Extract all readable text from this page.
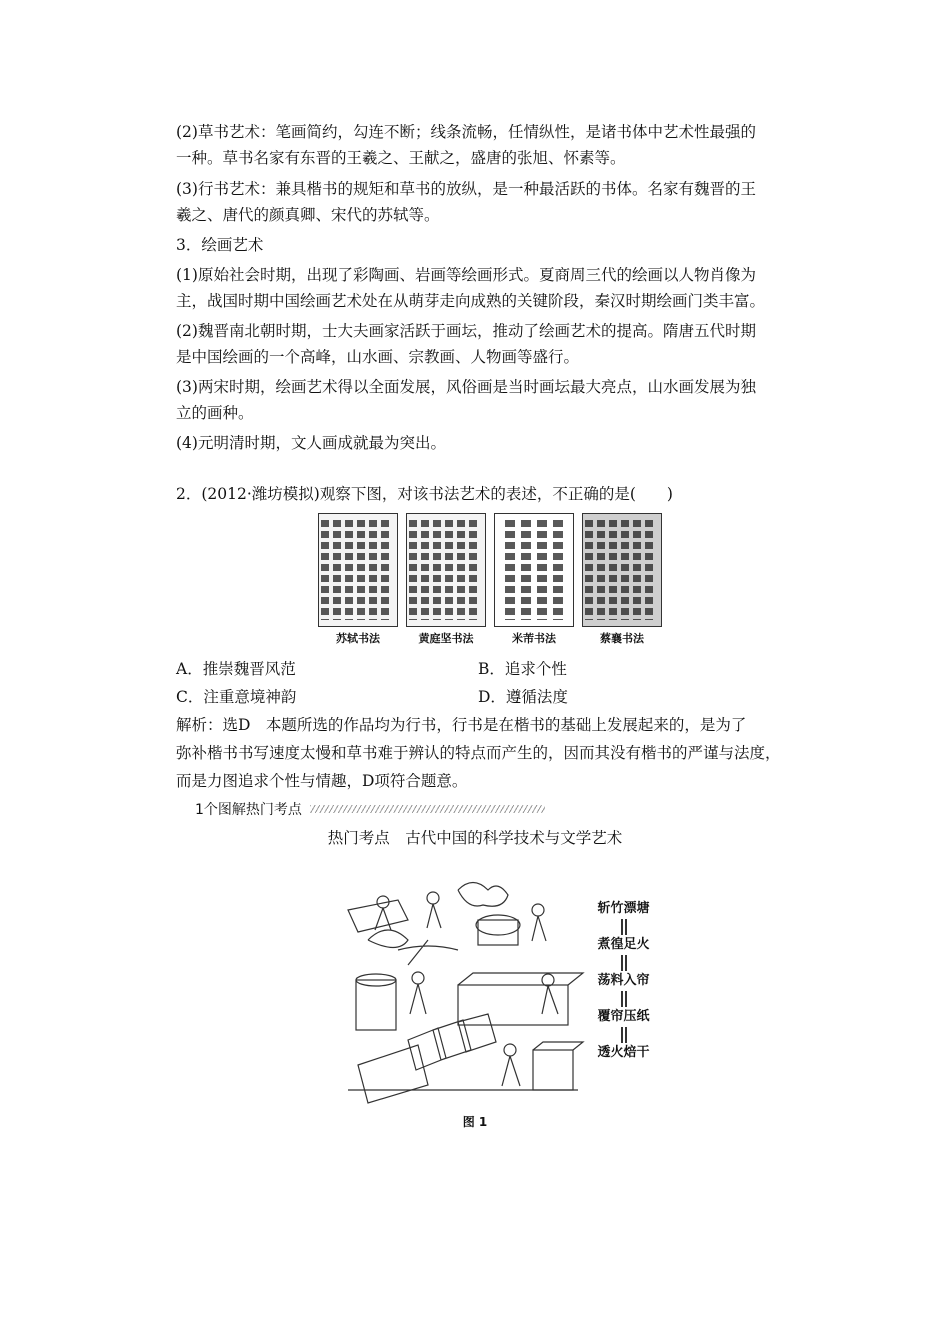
(2)草书艺术：笔画简约，勾连不断；线条流畅，任情纵性，是诸书体中艺术性最强的

一种。草书名家有东晋的王羲之、王献之，盛唐的张旭、怀素等。

(3)行书艺术：兼具楷书的规矩和草书的放纵，是一种最活跃的书体。名家有魏晋的王

羲之、唐代的颜真卿、宋代的苏轼等。

3．绘画艺术

(1)原始社会时期，出现了彩陶画、岩画等绘画形式。夏商周三代的绘画以人物肖像为

主，战国时期中国绘画艺术处在从萌芽走向成熟的关键阶段，秦汉时期绘画门类丰富。

(2)魏晋南北朝时期，士大夫画家活跃于画坛，推动了绘画艺术的提高。隋唐五代时期

是中国绘画的一个高峰，山水画、宗教画、人物画等盛行。

(3)两宋时期，绘画艺术得以全面发展，风俗画是当时画坛最大亮点，山水画发展为独

立的画种。

(4)元明清时期，文人画成就最为突出。

2．(2012·潍坊模拟)观察下图，对该书法艺术的表述，不正确的是(　　)

苏轼书法	黄庭坚书法	米芾书法	蔡襄书法
A．推崇魏晋风范	B．追求个性
C．注重意境神韵	D．遵循法度

解析：选D　本题所选的作品均为行书，行书是在楷书的基础上发展起来的，是为了

弥补楷书书写速度太慢和草书难于辨认的特点而产生的，因而其没有楷书的严谨与法度，

而是力图追求个性与情趣，D项符合题意。

1个图解热门考点
热门考点　古代中国的科学技术与文学艺术
斩竹漂塘
煮徨足火
荡料入帘
覆帘压纸
透火焙干
图 1
